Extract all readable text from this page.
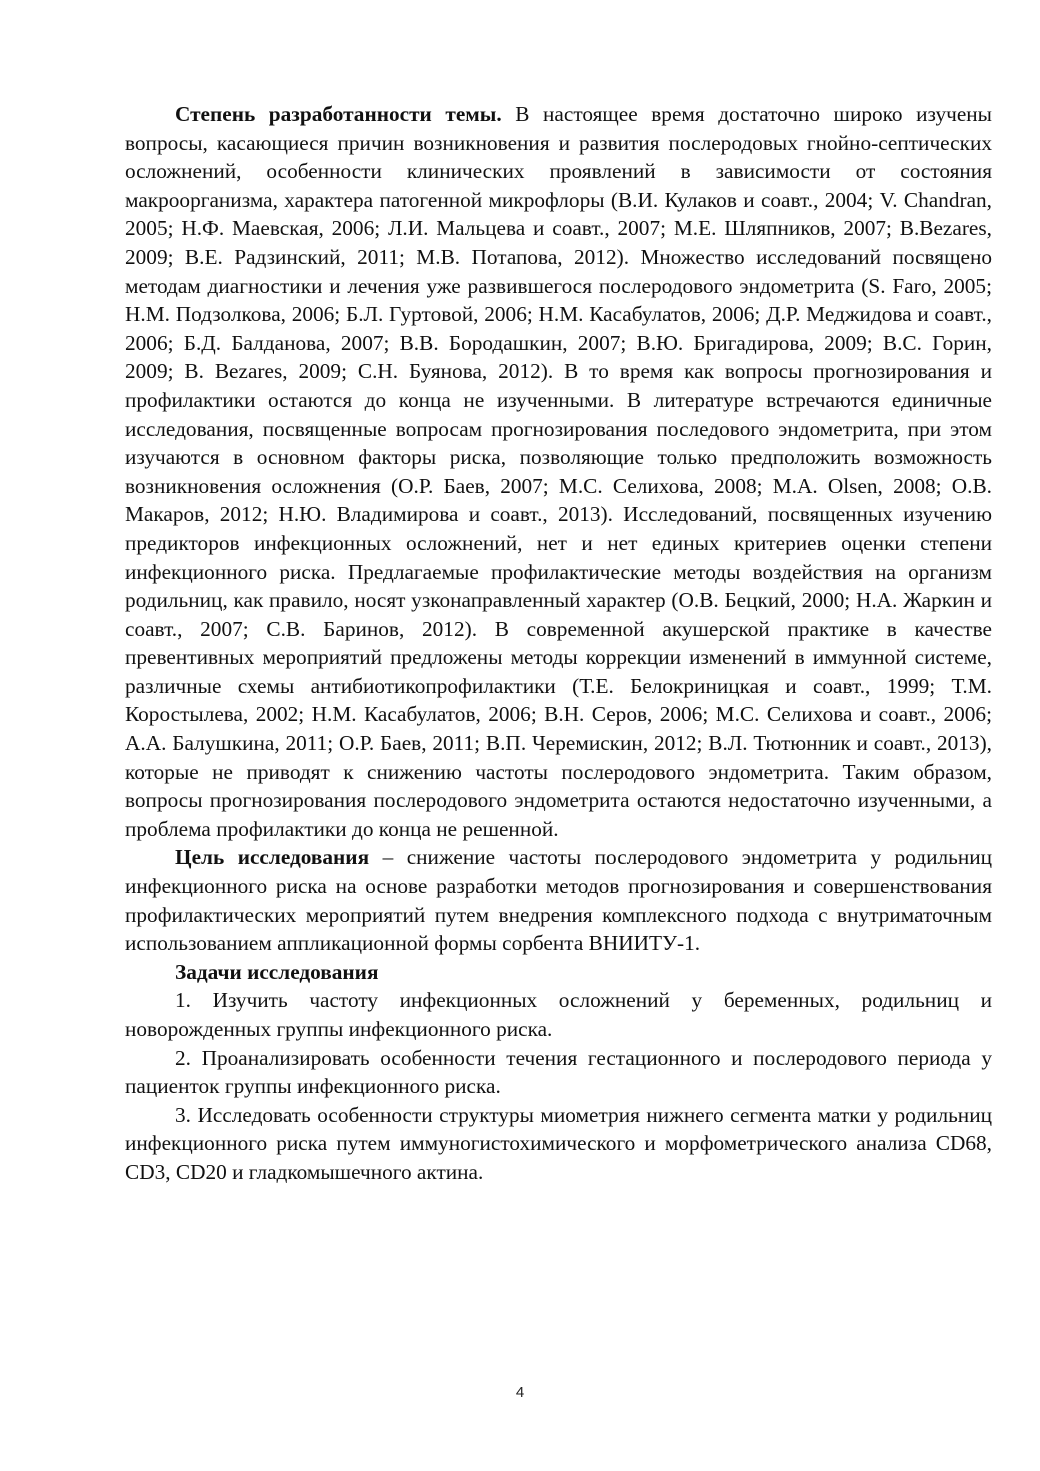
Степень разработанности темы. В настоящее время достаточно широко изучены вопросы, касающиеся причин возникновения и развития послеродовых гнойно-септических осложнений, особенности клинических проявлений в зависимости от состояния макроорганизма, характера патогенной микрофлоры (В.И. Кулаков и соавт., 2004; V. Chandran, 2005; Н.Ф. Маевская, 2006; Л.И. Мальцева и соавт., 2007; М.Е. Шляпников, 2007; В.Bezares, 2009; В.Е. Радзинский, 2011; М.В. Потапова, 2012). Множество исследований посвящено методам диагностики и лечения уже развившегося послеродового эндометрита (S. Faro, 2005; Н.М. Подзолкова, 2006; Б.Л. Гуртовой, 2006; Н.М. Касабулатов, 2006; Д.Р. Меджидова и соавт., 2006; Б.Д. Балданова, 2007; В.В. Бородашкин, 2007; В.Ю. Бригадирова, 2009; В.С. Горин, 2009; В. Bezares, 2009; С.Н. Буянова, 2012). В то время как вопросы прогнозирования и профилактики остаются до конца не изученными. В литературе встречаются единичные исследования, посвященные вопросам прогнозирования последового эндометрита, при этом изучаются в основном факторы риска, позволяющие только предположить возможность возникновения осложнения (О.Р. Баев, 2007; М.С. Селихова, 2008; M.A. Olsen, 2008; О.В. Макаров, 2012; Н.Ю. Владимирова и соавт., 2013). Исследований, посвященных изучению предикторов инфекционных осложнений, нет и нет единых критериев оценки степени инфекционного риска. Предлагаемые профилактические методы воздействия на организм родильниц, как правило, носят узконаправленный характер (О.В. Бецкий, 2000; Н.А. Жаркин и соавт., 2007; С.В. Баринов, 2012). В современной акушерской практике в качестве превентивных мероприятий предложены методы коррекции изменений в иммунной системе, различные схемы антибиотикопрофилактики (Т.Е. Белокриницкая и соавт., 1999; Т.М. Коростылева, 2002; Н.М. Касабулатов, 2006; В.Н. Серов, 2006; М.С. Селихова и соавт., 2006; А.А. Балушкина, 2011; О.Р. Баев, 2011; В.П. Черемискин, 2012; В.Л. Тютюнник и соавт., 2013), которые не приводят к снижению частоты послеродового эндометрита. Таким образом, вопросы прогнозирования послеродового эндометрита остаются недостаточно изученными, а проблема профилактики до конца не решенной.

Цель исследования – снижение частоты послеродового эндометрита у родильниц инфекционного риска на основе разработки методов прогнозирования и совершенствования профилактических мероприятий путем внедрения комплексного подхода с внутриматочным использованием аппликационной формы сорбента ВНИИТУ-1.

Задачи исследования

1. Изучить частоту инфекционных осложнений у беременных, родильниц и новорожденных группы инфекционного риска.

2. Проанализировать особенности течения гестационного и послеродового периода у пациенток группы инфекционного риска.

3. Исследовать особенности структуры миометрия нижнего сегмента матки у родильниц инфекционного риска путем иммуногистохимического и морфометрического анализа CD68, CD3, CD20 и гладкомышечного актина.

4
